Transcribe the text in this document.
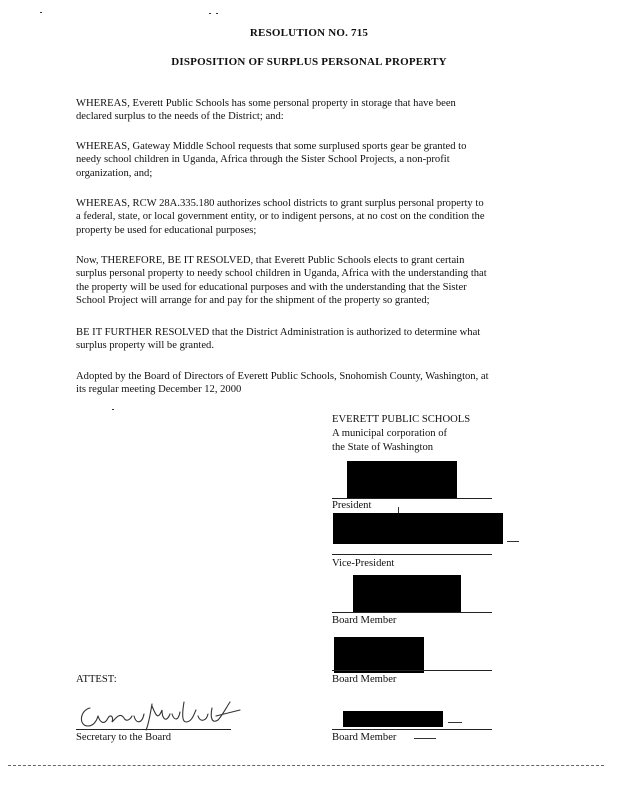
RESOLUTION NO. 715
DISPOSITION OF SURPLUS PERSONAL PROPERTY
WHEREAS, Everett Public Schools has some personal property in storage that have been
declared surplus to the needs of the District; and:
WHEREAS, Gateway Middle School requests that some surplused sports gear be granted to
needy school children in Uganda, Africa through the Sister School Projects, a non-profit
organization, and;
WHEREAS, RCW 28A.335.180 authorizes school districts to grant surplus personal property to
a federal, state, or local government entity, or to indigent persons, at no cost on the condition the
property be used for educational purposes;
Now, THEREFORE, BE IT RESOLVED, that Everett Public Schools elects to grant certain
surplus personal property to needy school children in Uganda, Africa with the understanding that
the property will be used for educational purposes and with the understanding that the Sister
School Project will arrange for and pay for the shipment of the property so granted;
BE IT FURTHER RESOLVED that the District Administration is authorized to determine what
surplus property will be granted.
Adopted by the Board of Directors of Everett Public Schools, Snohomish County, Washington, at
its regular meeting December 12, 2000
EVERETT PUBLIC SCHOOLS
A municipal corporation of
the State of Washington
President
Vice-President
Board Member
ATTEST:	Board Member
Secretary to the Board	Board Member
